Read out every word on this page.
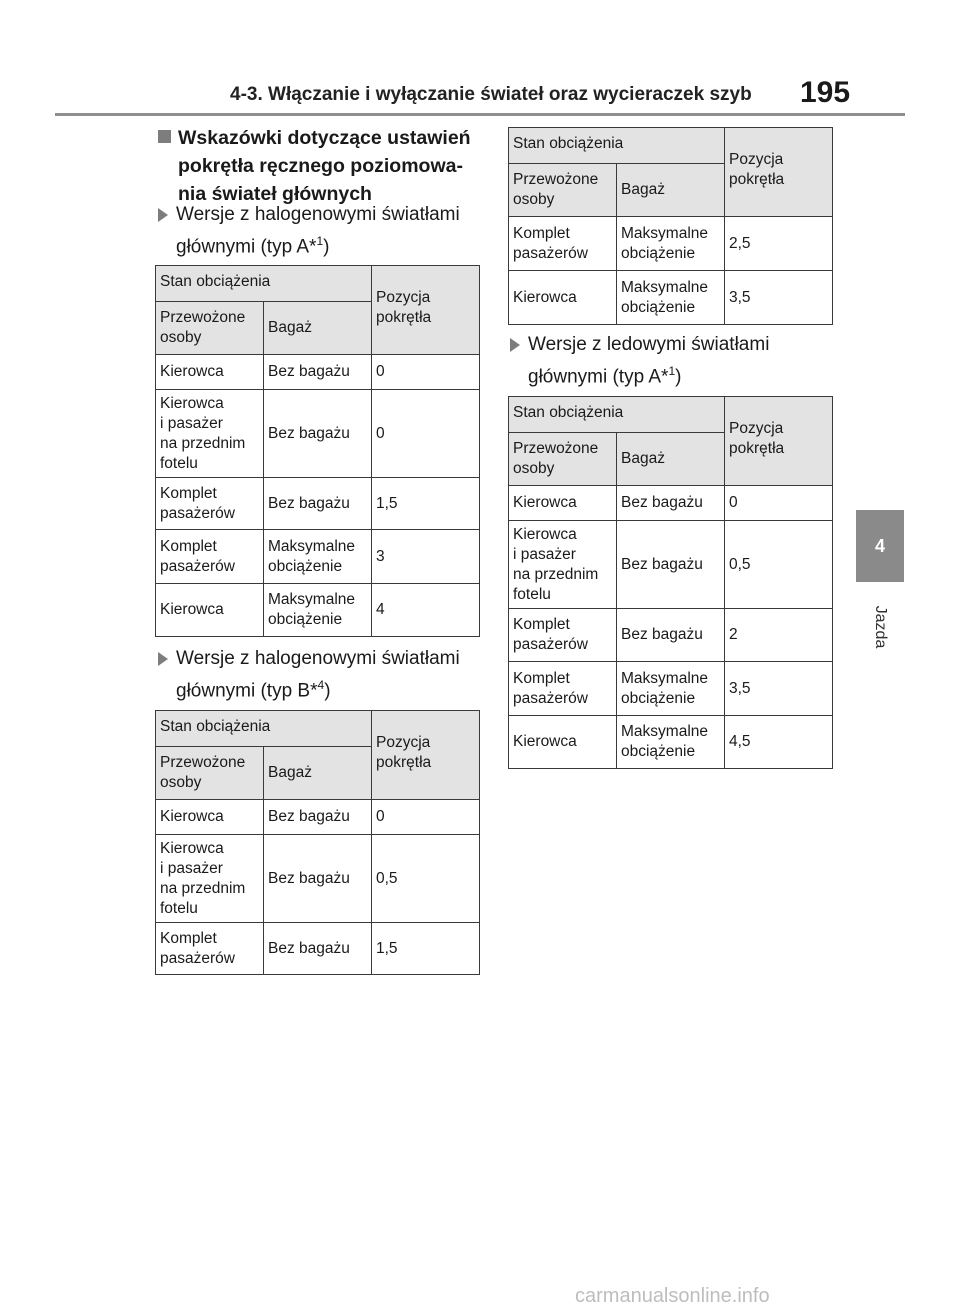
4-3. Włączanie i wyłączanie świateł oraz wycieraczek szyb 195
4
Jazda
Wskazówki dotyczące ustawień pokrętła ręcznego poziomowa-nia świateł głównych
Wersje z halogenowymi światłami głównymi (typ A*$^1$)
Stan obciążenia		Pozycja
pokrętła
Przewożone
osoby	Bagaż	
Kierowca	Bez bagażu	0
Kierowca
i pasażer
na przednim
fotelu	Bez bagażu	0
Komplet
pasażerów	Bez bagażu	1,5
Komplet
pasażerów	Maksymalne
obciążenie	3
Kierowca	Maksymalne
obciążenie	4
Wersje z halogenowymi światłami głównymi (typ B*$^4$)
Stan obciążenia		Pozycja
pokrętła
Przewożone
osoby	Bagaż	
Kierowca	Bez bagażu	0
Kierowca
i pasażer
na przednim
fotelu	Bez bagażu	0,5
Komplet
pasażerów	Bez bagażu	1,5
Stan obciążenia		Pozycja
pokrętła
Przewożone
osoby	Bagaż	
Komplet
pasażerów	Maksymalne
obciążenie	2,5
Kierowca	Maksymalne
obciążenie	3,5
Wersje z ledowymi światłami głównymi (typ A*$^1$)
Stan obciążenia		Pozycja
pokrętła
Przewożone
osoby	Bagaż	
Kierowca	Bez bagażu	0
Kierowca
i pasażer
na przednim
fotelu	Bez bagażu	0,5
Komplet
pasażerów	Bez bagażu	2
Komplet
pasażerów	Maksymalne
obciążenie	3,5
Kierowca	Maksymalne
obciążenie	4,5
carmanualsonline.info
